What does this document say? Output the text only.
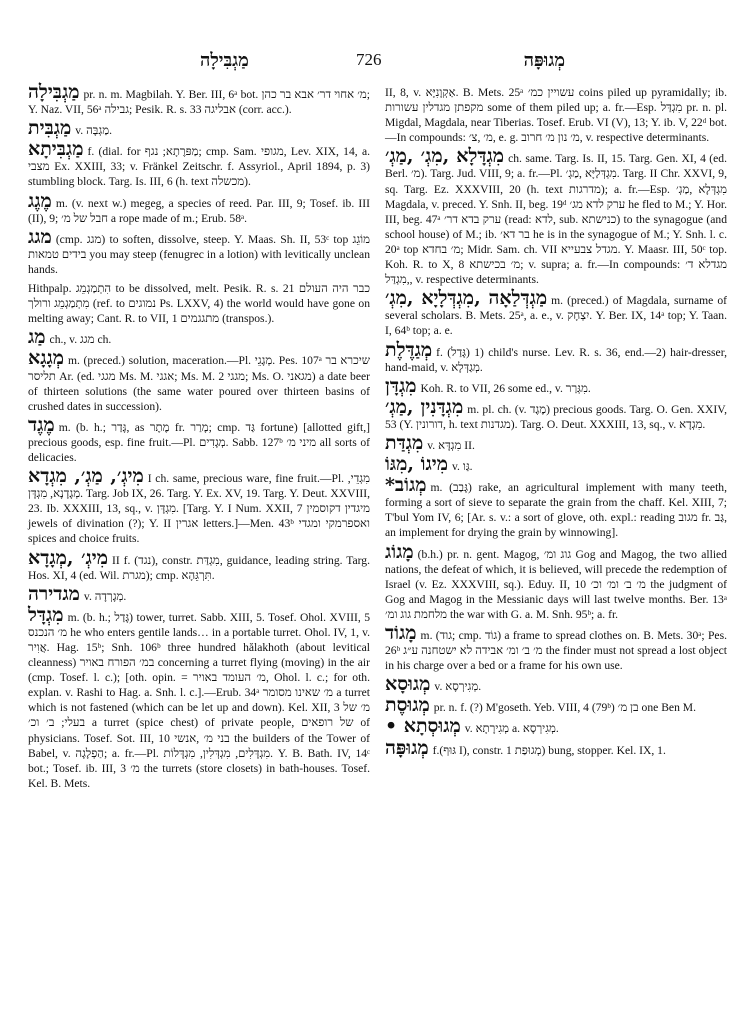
מַגְבִּילָה	726	מְגוּפָּה

מַגְבִּילָה pr. n. m. Magbilah. Y. Ber. III, 6ᵃ bot. מ׳ אחוי דר׳ אבא בר כהן; Y. Naz. VII, 56ᵃ גבילה; Pesik. R. s. 33 אבליגה (corr. acc.).

מַגְבִּית v. מַגְבָּה.

מַגְבִּיתָא f. (dial. for מַפּרֶתָא; נגף; cmp. Sam. מגופי, Lev. XIX, 14, a. מצבי Ex. XXIII, 33; v. Fränkel Zeitschr. f. Assyriol., April 1894, p. 3) stumbling block. Targ. Is. III, 6 (h. text מכשלה).

מֶגֶג m. (v. next w.) megeg, a species of reed. Par. III, 9; Tosef. ib. III (II), 9; חבל של מ׳ a rope made of m.; Erub. 58ᵃ.

מגג (cmp. מגג) to soften, dissolve, steep. Y. Maas. Sh. II, 53ᶜ top מוֹגֵג בידים טמאות you may steep (fenugrec in a lotion) with levitically unclean hands.

Hithpalp. הִתְמַגְמֵג to be dissolved, melt. Pesik. R. s. 21 כבר היה העולם מִתְמַגְמֵג ורולך (ref. to נמוגים Ps. LXXV, 4) the world would have gone on melting away; Cant. R. to VII, 1 מתגגמים (transpos.).

מַג ch., v. מגג ch.

מְגָגָא m. (preced.) solution, maceration.—Pl. מְגָגֵי. Pes. 107ᵃ שיכרא בר תליסר Ar. (ed. מגגי Ms. M. אגגי; Ms. M. 2 מגגי; Ms. O. מגאני) a date beer of thirteen solutions (the same water poured over thirteen basins of crushed dates in succession).

מֶגֶד m. (b. h.; גָּדַר, as מֶתֶר fr. מָרַר; cmp. גַּד fortune) [allotted gift,] precious goods, esp. fine fruit.—Pl. מְגָדִים. Sabb. 127ᵇ מיני מ׳ all sorts of delicacies.

מִיגְ׳, מַגְ׳, מִגְדָא I ch. same, precious ware, fine fruit.—Pl. מִגְדֵי, מְגָדָנָא, מִגְדָּן. Targ. Job IX, 26. Targ. Y. Ex. XV, 19. Targ. Y. Deut. XXVIII, 23. Ib. XXXIII, 13, sq., v. מִגְדָּן. [Targ. Y. I Num. XXII, 7 מיגדין דקוסמין jewels of divination (?); Y. II אגרין letters.]—Men. 43ᵇ ואספרמקי ומגדי spices and choice fruits.

מִיגְ׳ ,מְגָדָא II f. (נגד), constr. מִגְדַּת, guidance, leading string. Targ. Hos. XI, 4 (ed. Wil. מגרת); cmp. תִּרְגֵּהָא.

מגדירה v. מְגָרְדָה.

מִגְדָּל m. (b. h.; גָּדַל) tower, turret. Sabb. XIII, 5. Tosef. Ohol. XVIII, 5 מ׳ הנכנס he who enters gentile lands… in a portable turret. Ohol. IV, 1, v. אֲוִיר. Hag. 15ᵇ; Snh. 106ᵇ three hundred hălakhoth (about levitical cleanness) במ׳ הפורח באויר concerning a turret flying (moving) in the air (cmp. Tosef. l. c.); [oth. opin. = מ׳ העומד באויר, Ohol. l. c.; for oth. explan. v. Rashi to Hag. a. Snh. l. c.].—Erub. 34ᵃ מ׳ שאינו מסומר a turret which is not fastened (which can be let up and down). Kel. XII, 3 מ׳ של בעלי; ב׳ וכ׳ a turret (spice chest) of private people, של רופאים of physicians. Tosef. Sot. III, 10 בני מ׳ ,אנשי the builders of the Tower of Babel, v. הַפְלָגָה; a. fr.—Pl. מִגְדָּלִים, מִגְדְּלִין, מִגְדָּלוֹת. Y. B. Bath. IV, 14ᶜ bot.; Tosef. ib. III, 3 מ׳ the turrets (store closets) in bath-houses. Tosef. Kel. B. Mets.

II, 8, v. אַקְוָנִיָּא. B. Mets. 25ᵃ עשויין כמ׳ coins piled up pyramidally; ib. מקפתן מגדלין עשורות some of them piled up; a. fr.—Esp. מִגְדַּל pr. n. pl. Migdal, Magdala, near Tiberias. Tosef. Erub. VI (V), 13; Y. ib. V, 22ᵈ bot.—In compounds: מ׳ ,צ׳, e. g. מ׳ נון מ׳ חרוב, v. respective determinants.

מִגְדָּלָא ,מִגְ׳ ,מַגְ׳ ch. same. Targ. Is. II, 15. Targ. Gen. XI, 4 (ed. Berl. מ׳). Targ. Jud. VIII, 9; a. fr.—Pl. מִגְדְּלַיָּא ,מַגְ׳. Targ. II Chr. XXVI, 9, sq. Targ. Ez. XXXVIII, 20 (h. text מדרגות); a. fr.—Esp. מִגְדְּלָא ,מַגְ׳ Magdala, v. preced. Y. Snh. II, beg. 19ᵈ ערק לדא מג׳ he fled to M.; Y. Hor. III, beg. 47ᵃ ערק בדא דר׳ (read: לדא, sub. כנישתא) to the synagogue (and school house) of M.; ib. בר דא׳ he is in the synagogue of M.; Y. Snh. l. c. 20ᵃ top מ׳ בחדא; Midr. Sam. ch. VII מגדל צבעייא. Y. Maasr. III, 50ᶜ top. Koh. R. to X, 8 מ׳ בכישתא; v. supra; a. fr.—In compounds: מגדלא ד׳ ,מִגְדַּל, v. respective determinants.

מַגְדְּלַאָה ,מִגְדְּלָיָא ,מִגְ׳ m. (preced.) of Magdala, surname of several scholars. B. Mets. 25ᵃ, a. e., v. יִצְחָק. Y. Ber. IX, 14ᵃ top; Y. Taan. I, 64ᵇ top; a. e.

מְגַדֶּלֶת f. (גָּדַל) 1) child's nurse. Lev. R. s. 36, end.—2) hair-dresser, hand-maid, v. מְגַדְּלָא.

מִגְדָּן Koh. R. to VII, 26 some ed., v. מִגְּרַר.

מִגְדָּנִין ,מַגְ׳ m. pl. ch. (v. מֶגֶד) precious goods. Targ. O. Gen. XXIV, 53 (Y. דורונין, h. text מגדנות). Targ. O. Deut. XXXIII, 13, sq., v. מִגְדָא.

מִגְדַּת v. מִגְדָּא II.

מִיגוֹ ,מִגּוֹ v. גַּו.

מְגוֹב* m. (גָּבַב) rake, an agricultural implement with many teeth, forming a sort of sieve to separate the grain from the chaff. Kel. XIII, 7; T'bul Yom IV, 6; [Ar. s. v.: a sort of glove, oth. expl.: reading מגוב fr. גַּב, an implement for drying the grain by winnowing].

מָגוֹג (b.h.) pr. n. gent. Magog, גוג ומ׳ Gog and Magog, the two allied nations, the defeat of which, it is believed, will precede the redemption of Israel (v. Ez. XXXVIII, sq.). Eduy. II, 10 מ׳ ב׳ ומ׳ וכ׳ the judgment of Gog and Magog in the Messianic days will last twelve months. Ber. 13ᵃ מלחמת גוג ומ׳ the war with G. a. M. Snh. 95ᵇ; a. fr.

מָגוֹד m. (גוד; cmp. גוֹד) a frame to spread clothes on. B. Mets. 30ᵃ; Pes. 26ᵇ מ׳ ב׳ ומ׳ אבידה לא ישטחנה ע״ג the finder must not spread a lost object in his charge over a bed or a frame for his own use.

מְגוּסָא v. מְגִירְסָא.

מְגוּסֶת pr. n. f. (?) M'goseth. Yeb. VIII, 4 (79ᵇ) בן מ׳ one Ben M.

מְגוּסְתָא • v. מְגִירָתָא a. מְגִירְסָא.

מְגוּפָּה f.(גּוּף I), constr. מְגוּפַת 1) bung, stopper. Kel. IX, 1.
